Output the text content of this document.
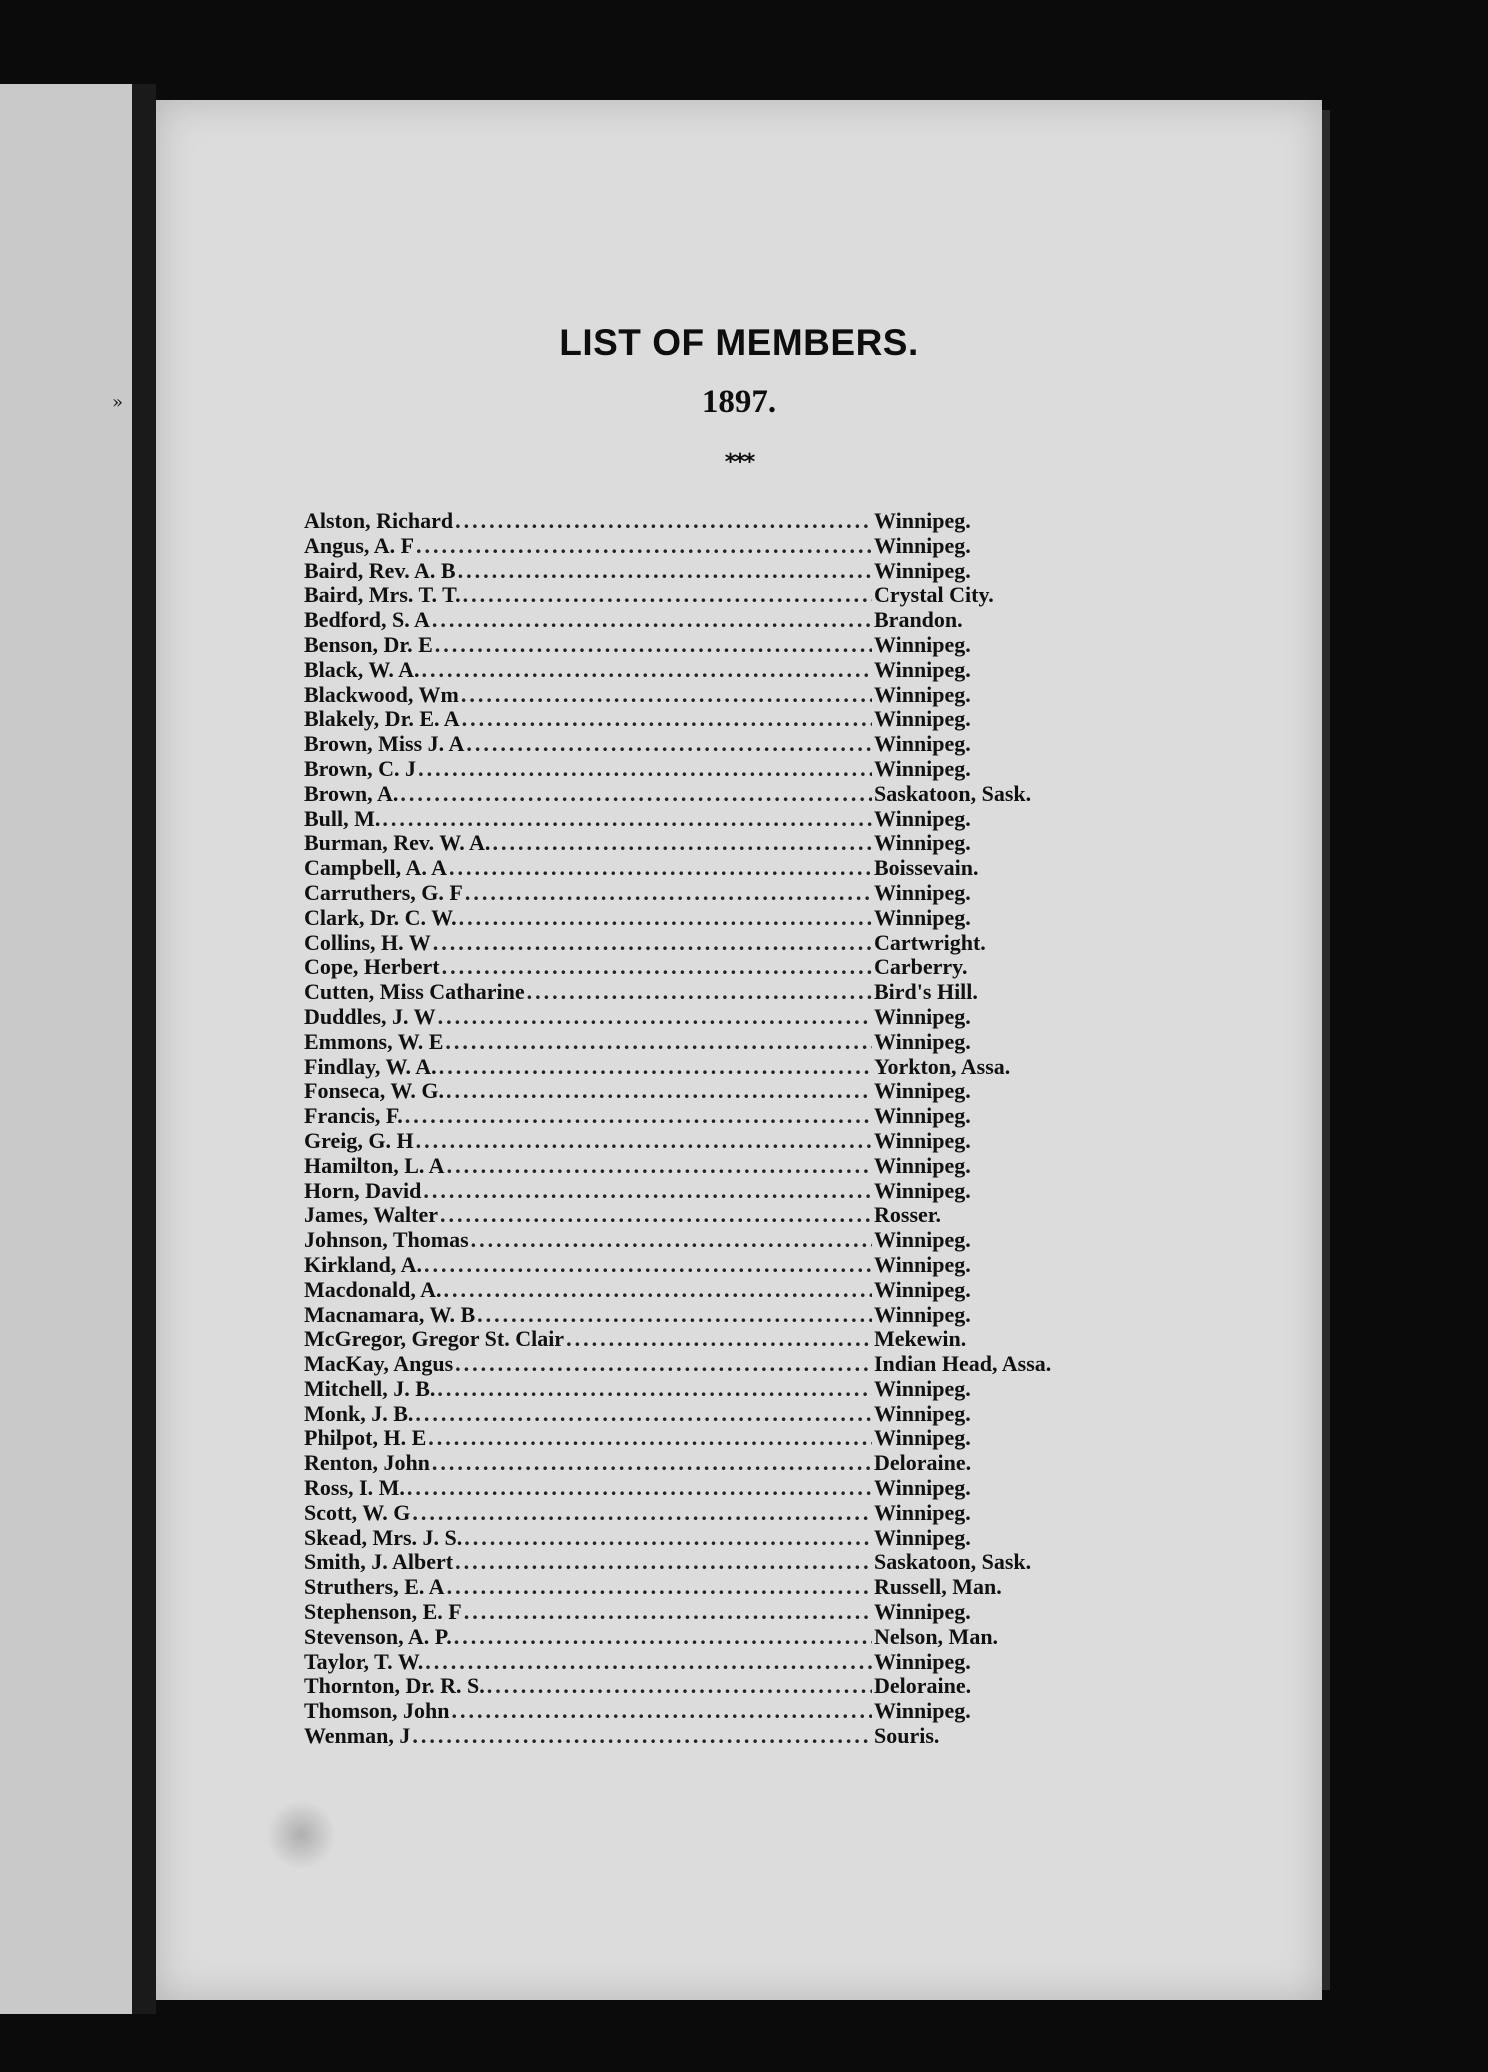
»
LIST OF MEMBERS.
1897.
***
Alston, Richard .....	Winnipeg.
Angus, A. F .....	Winnipeg.
Baird, Rev. A. B .....	Winnipeg.
Baird, Mrs. T. T. .....	Crystal City.
Bedford, S. A .....	Brandon.
Benson, Dr. E .....	Winnipeg.
Black, W. A. .....	Winnipeg.
Blackwood, Wm .....	Winnipeg.
Blakely, Dr. E. A .....	Winnipeg.
Brown, Miss J. A .....	Winnipeg.
Brown, C. J .....	Winnipeg.
Brown, A. .....	Saskatoon, Sask.
Bull, M. .....	Winnipeg.
Burman, Rev. W. A. .....	Winnipeg.
Campbell, A. A .....	Boissevain.
Carruthers, G. F .....	Winnipeg.
Clark, Dr. C. W. .....	Winnipeg.
Collins, H. W .....	Cartwright.
Cope, Herbert .....	Carberry.
Cutten, Miss Catharine .....	Bird's Hill.
Duddles, J. W .....	Winnipeg.
Emmons, W. E .....	Winnipeg.
Findlay, W. A. .....	Yorkton, Assa.
Fonseca, W. G. .....	Winnipeg.
Francis, F. .....	Winnipeg.
Greig, G. H .....	Winnipeg.
Hamilton, L. A .....	Winnipeg.
Horn, David .....	Winnipeg.
James, Walter .....	Rosser.
Johnson, Thomas .....	Winnipeg.
Kirkland, A. .....	Winnipeg.
Macdonald, A. .....	Winnipeg.
Macnamara, W. B .....	Winnipeg.
McGregor, Gregor St. Clair .....	Mekewin.
MacKay, Angus .....	Indian Head, Assa.
Mitchell, J. B. .....	Winnipeg.
Monk, J. B. .....	Winnipeg.
Philpot, H. E .....	Winnipeg.
Renton, John .....	Deloraine.
Ross, I. M. .....	Winnipeg.
Scott, W. G .....	Winnipeg.
Skead, Mrs. J. S. .....	Winnipeg.
Smith, J. Albert .....	Saskatoon, Sask.
Struthers, E. A .....	Russell, Man.
Stephenson, E. F .....	Winnipeg.
Stevenson, A. P. .....	Nelson, Man.
Taylor, T. W. .....	Winnipeg.
Thornton, Dr. R. S. .....	Deloraine.
Thomson, John .....	Winnipeg.
Wenman, J .....	Souris.
